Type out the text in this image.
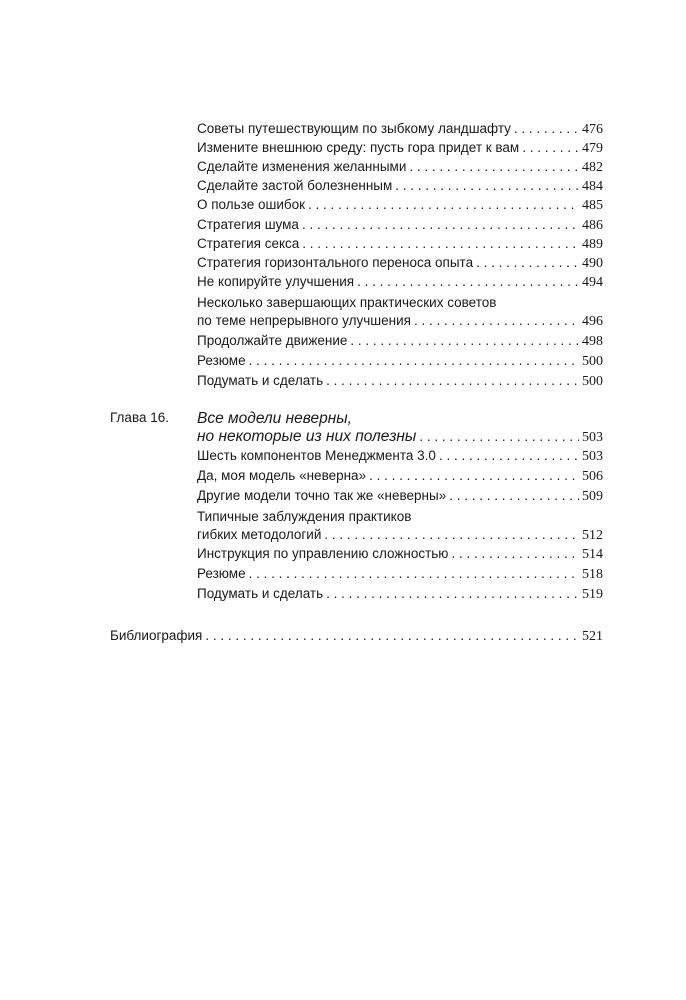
Советы путешествующим по зыбкому ландшафту . . .	476
Измените внешнюю среду: пусть гора придет к вам . . .	479
Сделайте изменения желанными . . .	482
Сделайте застой болезненным . . .	484
О пользе ошибок . . .	485
Стратегия шума . . .	486
Стратегия секса . . .	489
Стратегия горизонтального переноса опыта . . .	490
Не копируйте улучшения . . .	494
Несколько завершающих практических советов
по теме непрерывного улучшения . . .	496
Продолжайте движение . . .	498
Резюме . . .	500
Подумать и сделать . . .	500
Глава 16. Все модели неверны,
но некоторые из них полезны . . .	503
Шесть компонентов Менеджмента 3.0 . . .	503
Да, моя модель «неверна» . . .	506
Другие модели точно так же «неверны» . . .	509
Типичные заблуждения практиков
гибких методологий . . .	512
Инструкция по управлению сложностью . . .	514
Резюме . . .	518
Подумать и сделать . . .	519
Библиография . . .	521
